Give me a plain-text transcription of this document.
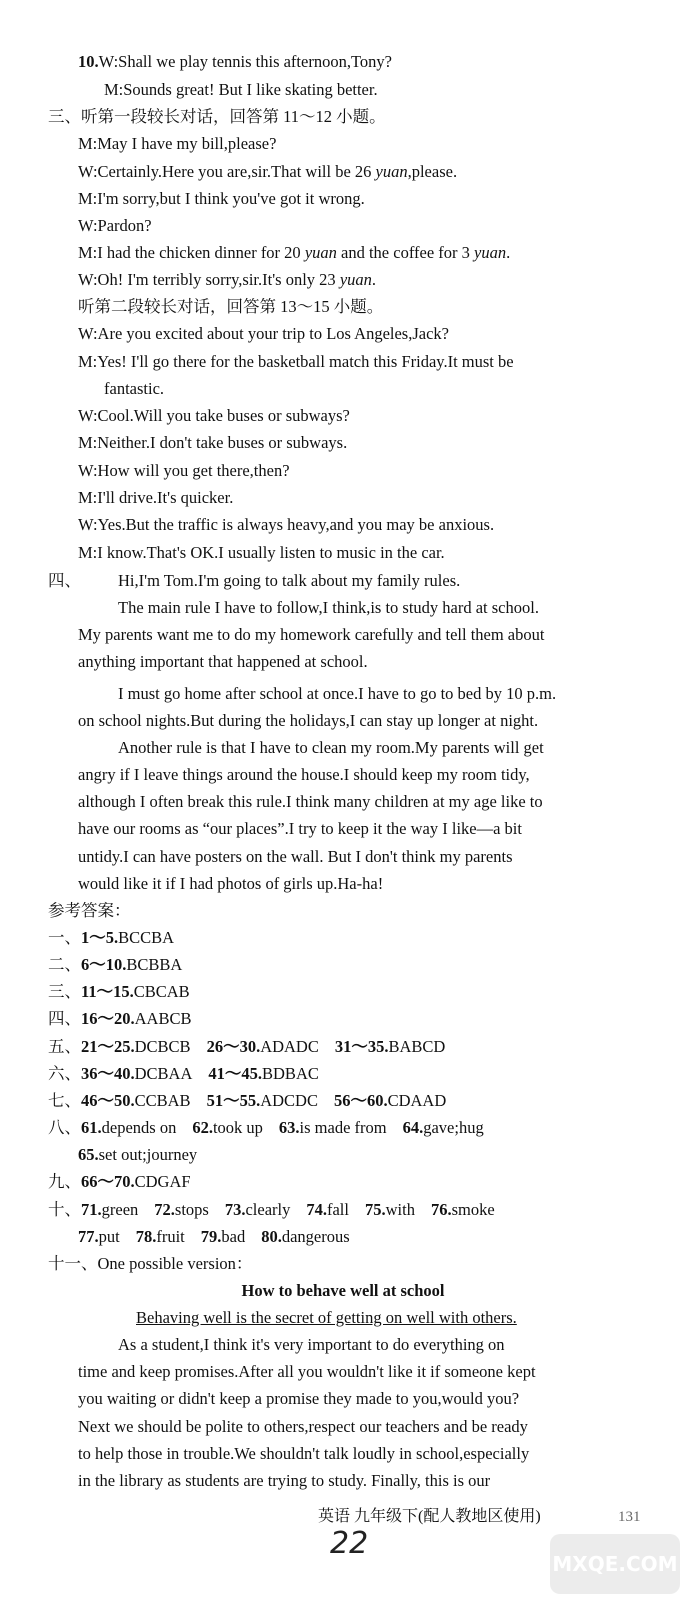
10.W:Shall we play tennis this afternoon,Tony?
M:Sounds great! But I like skating better.
三、听第一段较长对话，回答第 11～12 小题。
M:May I have my bill,please?
W:Certainly.Here you are,sir.That will be 26 yuan,please.
M:I'm sorry,but I think you've got it wrong.
W:Pardon?
M:I had the chicken dinner for 20 yuan and the coffee for 3 yuan.
W:Oh! I'm terribly sorry,sir.It's only 23 yuan.
听第二段较长对话，回答第 13～15 小题。
W:Are you excited about your trip to Los Angeles,Jack?
M:Yes! I'll go there for the basketball match this Friday.It must be
fantastic.
W:Cool.Will you take buses or subways?
M:Neither.I don't take buses or subways.
W:How will you get there,then?
M:I'll drive.It's quicker.
W:Yes.But the traffic is always heavy,and you may be anxious.
M:I know.That's OK.I usually listen to music in the car.
四、 Hi,I'm Tom.I'm going to talk about my family rules.
The main rule I have to follow,I think,is to study hard at school.
My parents want me to do my homework carefully and tell them about
anything important that happened at school.
I must go home after school at once.I have to go to bed by 10 p.m.
on school nights.But during the holidays,I can stay up longer at night.
Another rule is that I have to clean my room.My parents will get
angry if I leave things around the house.I should keep my room tidy,
although I often break this rule.I think many children at my age like to
have our rooms as “our places”.I try to keep it the way I like—a bit
untidy.I can have posters on the wall. But I don't think my parents
would like it if I had photos of girls up.Ha-ha!
参考答案：
一、1～5.BCCBA
二、6～10.BCBBA
三、11～15.CBCAB
四、16～20.AABCB
五、21～25.DCBCB 26～30.ADADC 31～35.BABCD
六、36～40.DCBAA 41～45.BDBAC
七、46～50.CCBAB 51～55.ADCDC 56～60.CDAAD
八、61.depends on 62.took up 63.is made from 64.gave;hug
65.set out;journey
九、66～70.CDGAF
十、71.green 72.stops 73.clearly 74.fall 75.with 76.smoke
77.put 78.fruit 79.bad 80.dangerous
十一、One possible version：
How to behave well at school
Behaving well is the secret of getting on well with others.
As a student,I think it's very important to do everything on
time and keep promises.After all you wouldn't like it if someone kept
you waiting or didn't keep a promise they made to you,would you?
Next we should be polite to others,respect our teachers and be ready
to help those in trouble.We shouldn't talk loudly in school,especially
in the library as students are trying to study. Finally, this is our
英语 九年级下(配人教地区使用)	131
22
MXQE.COM
